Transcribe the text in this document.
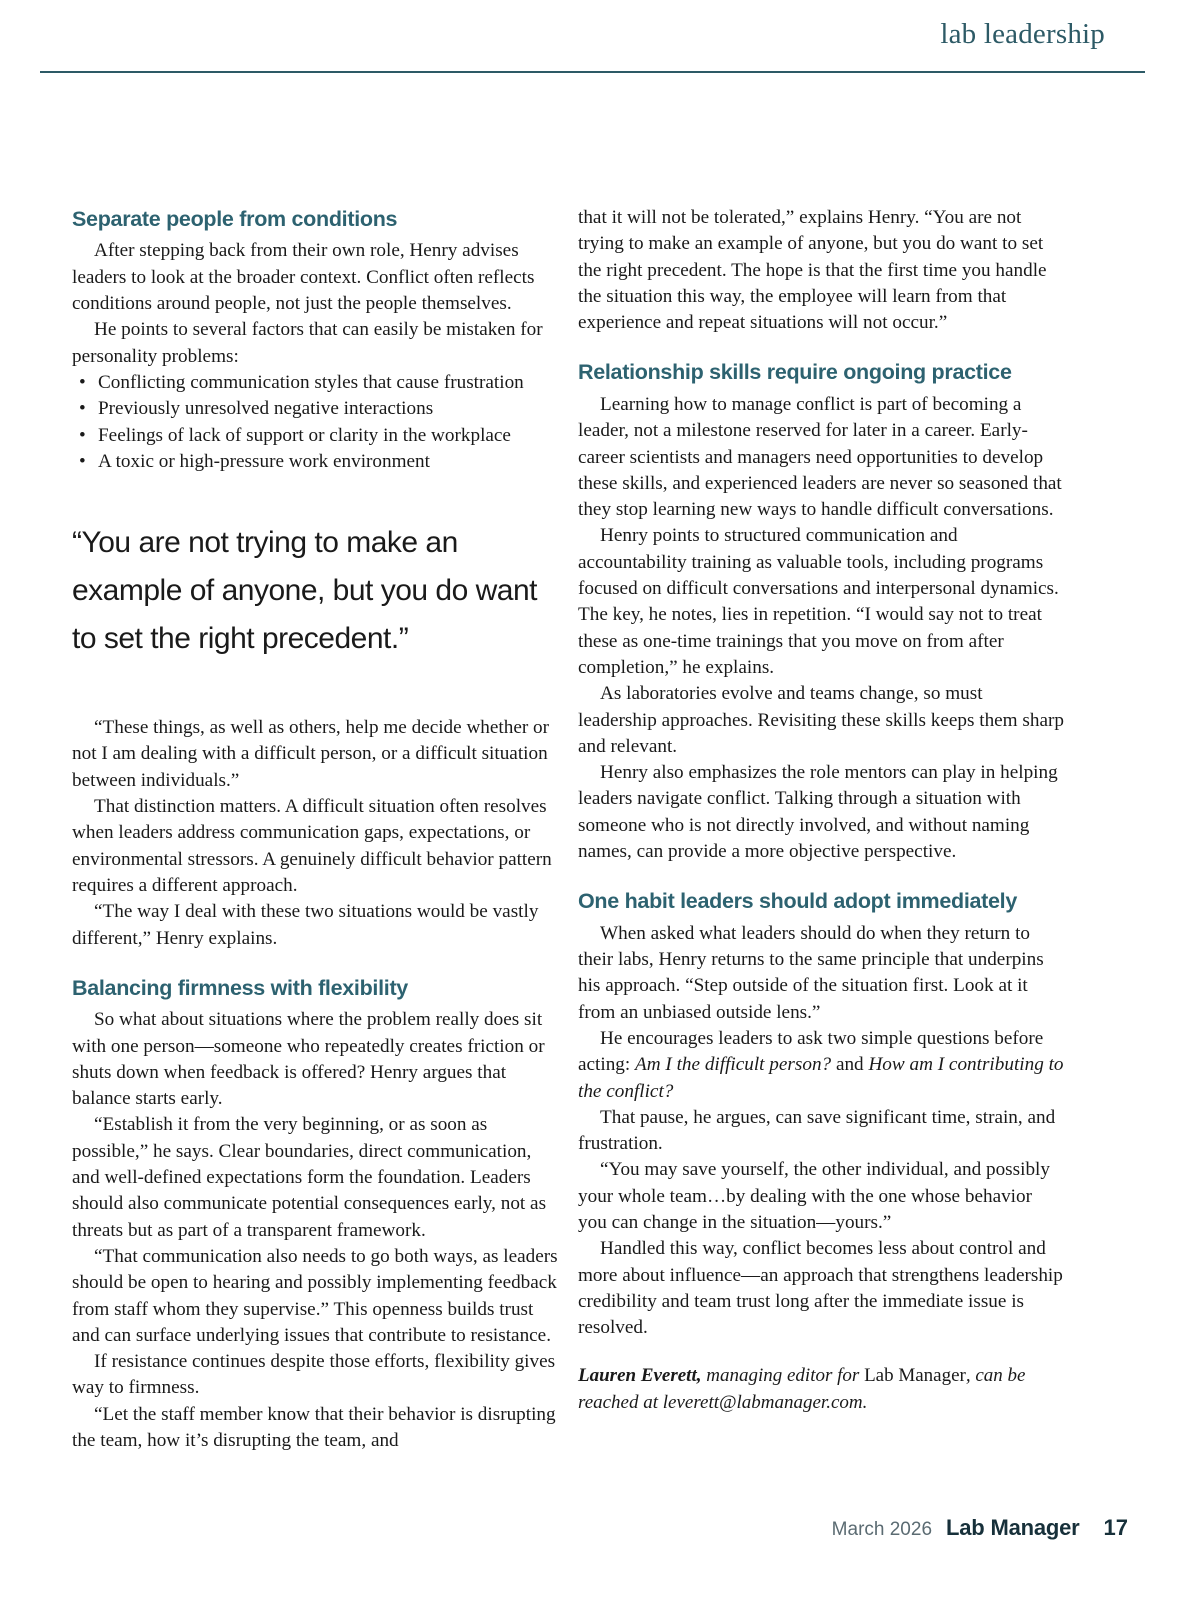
lab leadership
Separate people from conditions

After stepping back from their own role, Henry advises leaders to look at the broader context. Conflict often reflects conditions around people, not just the people themselves.

He points to several factors that can easily be mistaken for personality problems:

• Conflicting communication styles that cause frustration
• Previously unresolved negative interactions
• Feelings of lack of support or clarity in the workplace
• A toxic or high-pressure work environment
“You are not trying to make an example of anyone, but you do want to set the right precedent.”

“These things, as well as others, help me decide whether or not I am dealing with a difficult person, or a difficult situation between individuals.”

That distinction matters. A difficult situation often resolves when leaders address communication gaps, expectations, or environmental stressors. A genuinely difficult behavior pattern requires a different approach.

“The way I deal with these two situations would be vastly different,” Henry explains.

Balancing firmness with flexibility

So what about situations where the problem really does sit with one person—someone who repeatedly creates friction or shuts down when feedback is offered? Henry argues that balance starts early.

“Establish it from the very beginning, or as soon as possible,” he says. Clear boundaries, direct communication, and well-defined expectations form the foundation. Leaders should also communicate potential consequences early, not as threats but as part of a transparent framework.

“That communication also needs to go both ways, as leaders should be open to hearing and possibly implementing feedback from staff whom they supervise.” This openness builds trust and can surface underlying issues that contribute to resistance.

If resistance continues despite those efforts, flexibility gives way to firmness.

“Let the staff member know that their behavior is disrupting the team, how it’s disrupting the team, and

that it will not be tolerated,” explains Henry. “You are not trying to make an example of anyone, but you do want to set the right precedent. The hope is that the first time you handle the situation this way, the employee will learn from that experience and repeat situations will not occur.”

Relationship skills require ongoing practice

Learning how to manage conflict is part of becoming a leader, not a milestone reserved for later in a career. Early-career scientists and managers need opportunities to develop these skills, and experienced leaders are never so seasoned that they stop learning new ways to handle difficult conversations.

Henry points to structured communication and accountability training as valuable tools, including programs focused on difficult conversations and interpersonal dynamics. The key, he notes, lies in repetition. “I would say not to treat these as one-time trainings that you move on from after completion,” he explains.

As laboratories evolve and teams change, so must leadership approaches. Revisiting these skills keeps them sharp and relevant.

Henry also emphasizes the role mentors can play in helping leaders navigate conflict. Talking through a situation with someone who is not directly involved, and without naming names, can provide a more objective perspective.

One habit leaders should adopt immediately

When asked what leaders should do when they return to their labs, Henry returns to the same principle that underpins his approach. “Step outside of the situation first. Look at it from an unbiased outside lens.”

He encourages leaders to ask two simple questions before acting: Am I the difficult person? and How am I contributing to the conflict?

That pause, he argues, can save significant time, strain, and frustration.

“You may save yourself, the other individual, and possibly your whole team…by dealing with the one whose behavior you can change in the situation—yours.”

Handled this way, conflict becomes less about control and more about influence—an approach that strengthens leadership credibility and team trust long after the immediate issue is resolved.

Lauren Everett, managing editor for Lab Manager, can be reached at leverett@labmanager.com.

March 2026 Lab Manager 17
